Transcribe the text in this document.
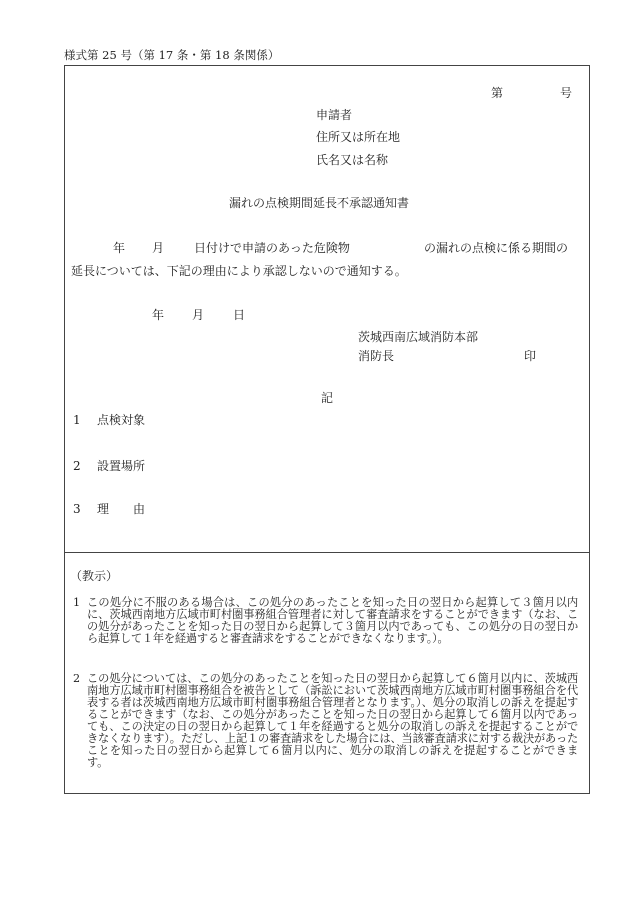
様式第 25 号（第 17 条・第 18 条関係）
第	号
申請者
住所又は所在地
氏名又は名称
漏れの点検期間延長不承認通知書
年 月 日付けで申請のあった危険物	の漏れの点検に係る期間の
延長については、下記の理由により承認しないので通知する。
年 月 日
茨城西南広域消防本部
消防長	印
記
1 点検対象
2 設置場所
3 理　　由
（教示）
1 この処分に不服のある場合は、この処分のあったことを知った日の翌日から起算して３箇月以内に、茨城西南地方広域市町村圏事務組合管理者に対して審査請求をすることができます（なお、この処分があったことを知った日の翌日から起算して３箇月以内であっても、この処分の日の翌日から起算して１年を経過すると審査請求をすることができなくなります。）。
2 この処分については、この処分のあったことを知った日の翌日から起算して６箇月以内に、茨城西南地方広域市町村圏事務組合を被告として（訴訟において茨城西南地方広域市町村圏事務組合を代表する者は茨城西南地方広域市町村圏事務組合管理者となります。）、処分の取消しの訴えを提起することができます（なお、この処分があったことを知った日の翌日から起算して６箇月以内であっても、この決定の日の翌日から起算して１年を経過すると処分の取消しの訴えを提起することができなくなります）。ただし、上記１の審査請求をした場合には、当該審査請求に対する裁決があったことを知った日の翌日から起算して６箇月以内に、処分の取消しの訴えを提起することができます。
